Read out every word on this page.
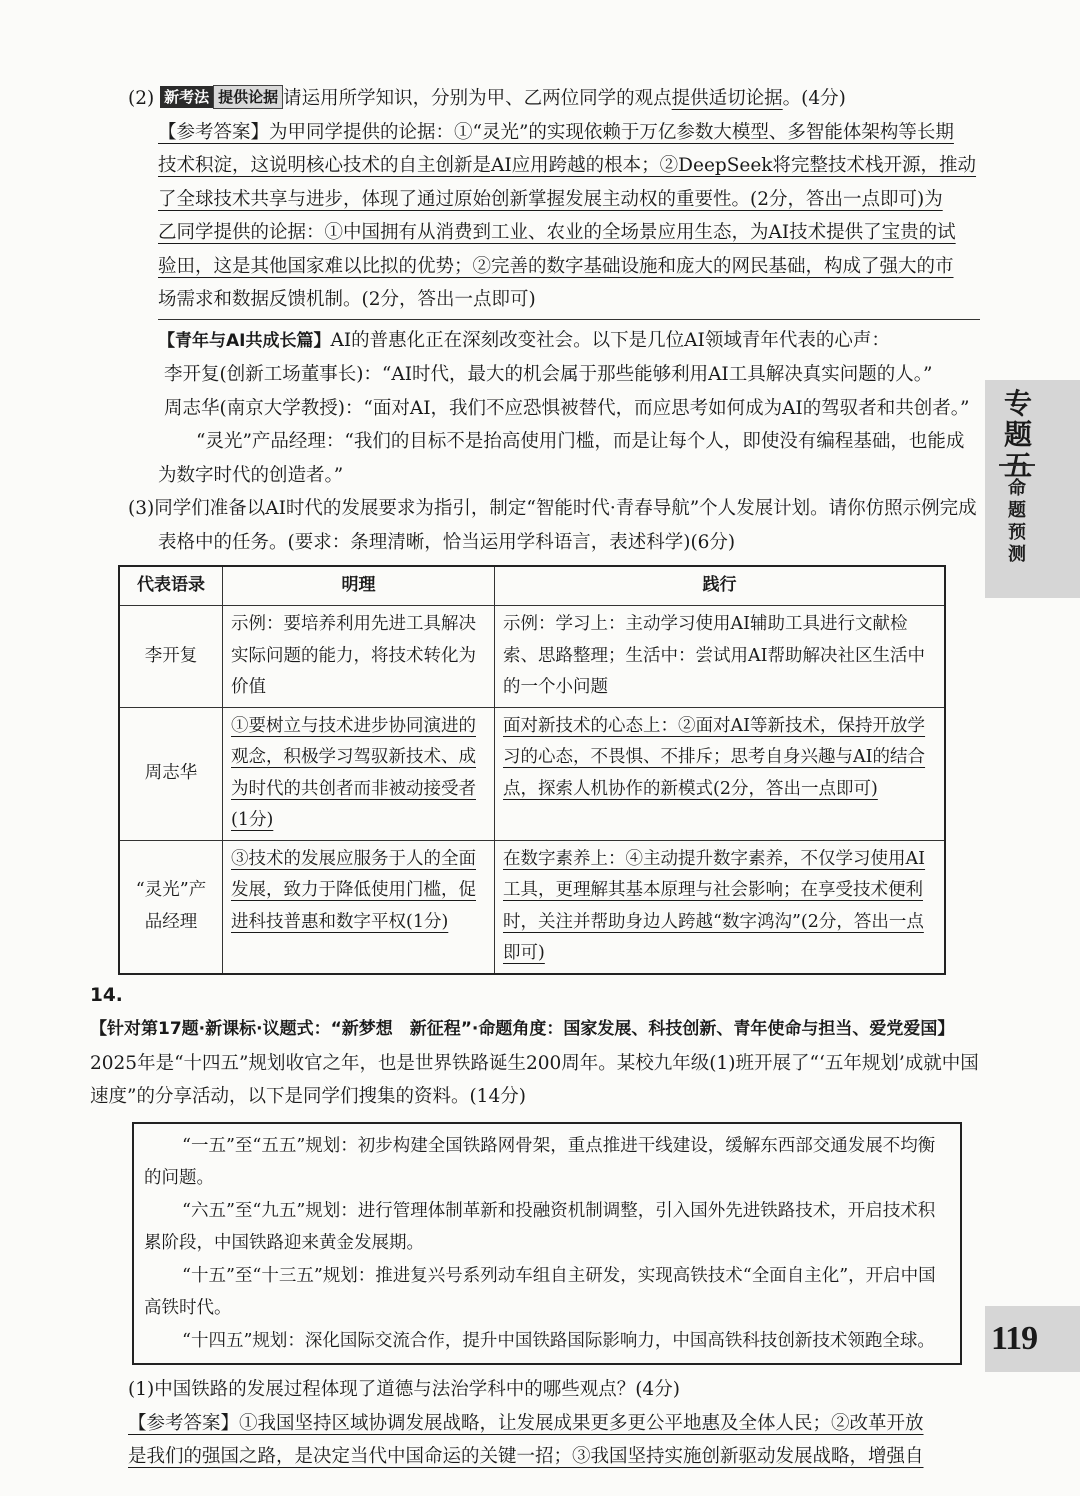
(2) 新考法 提供论据 请运用所学知识，分别为甲、乙两位同学的观点提供适切论据。(4分)

【参考答案】为甲同学提供的论据：①“灵光”的实现依赖于万亿参数大模型、多智能体架构等长期
技术积淀，这说明核心技术的自主创新是AI应用跨越的根本；②DeepSeek将完整技术栈开源，推动
了全球技术共享与进步，体现了通过原始创新掌握发展主动权的重要性。(2分，答出一点即可)为
乙同学提供的论据：①中国拥有从消费到工业、农业的全场景应用生态，为AI技术提供了宝贵的试
验田，这是其他国家难以比拟的优势；②完善的数字基础设施和庞大的网民基础，构成了强大的市
场需求和数据反馈机制。(2分，答出一点即可)

【青年与AI共成长篇】AI的普惠化正在深刻改变社会。以下是几位AI领域青年代表的心声：

李开复(创新工场董事长)：“AI时代，最大的机会属于那些能够利用AI工具解决真实问题的人。”

周志华(南京大学教授)：“面对AI，我们不应恐惧被替代，而应思考如何成为AI的驾驭者和共创者。”

“灵光”产品经理：“我们的目标不是抬高使用门槛，而是让每个人，即使没有编程基础，也能成为数字时代的创造者。”

(3)同学们准备以AI时代的发展要求为指引，制定“智能时代·青春导航”个人发展计划。请你仿照示例完成表格中的任务。(要求：条理清晰，恰当运用学科语言，表述科学)(6分)

代表语录	明理	践行
李开复	示例：要培养利用先进工具解决实际问题的能力，将技术转化为价值	示例：学习上：主动学习使用AI辅助工具进行文献检索、思路整理；生活中：尝试用AI帮助解决社区生活中的一个小问题
周志华	①要树立与技术进步协同演进的观念，积极学习驾驭新技术、成为时代的共创者而非被动接受者(1分)	面对新技术的心态上：②面对AI等新技术，保持开放学习的心态，不畏惧、不排斥；思考自身兴趣与AI的结合点，探索人机协作的新模式(2分，答出一点即可)
“灵光”产品经理	③技术的发展应服务于人的全面发展，致力于降低使用门槛，促进科技普惠和数字平权(1分)	在数字素养上：④主动提升数字素养，不仅学习使用AI工具，更理解其基本原理与社会影响；在享受技术便利时，关注并帮助身边人跨越“数字鸿沟”(2分，答出一点即可)

14.【针对第17题·新课标·议题式：“新梦想　新征程”·命题角度：国家发展、科技创新、青年使命与担当、爱党爱国】2025年是“十四五”规划收官之年，也是世界铁路诞生200周年。某校九年级(1)班开展了“‘五年规划’成就中国速度”的分享活动，以下是同学们搜集的资料。(14分)

“一五”至“五五”规划：初步构建全国铁路网骨架，重点推进干线建设，缓解东西部交通发展不均衡的问题。

“六五”至“九五”规划：进行管理体制革新和投融资机制调整，引入国外先进铁路技术，开启技术积累阶段，中国铁路迎来黄金发展期。

“十五”至“十三五”规划：推进复兴号系列动车组自主研发，实现高铁技术“全面自主化”，开启中国高铁时代。

“十四五”规划：深化国际交流合作，提升中国铁路国际影响力，中国高铁科技创新技术领跑全球。

(1)中国铁路的发展过程体现了道德与法治学科中的哪些观点？(4分)

【参考答案】①我国坚持区域协调发展战略，让发展成果更多更公平地惠及全体人民；②改革开放
是我们的强国之路，是决定当代中国命运的关键一招；③我国坚持实施创新驱动发展战略，增强自
专题五
命题预测
119
